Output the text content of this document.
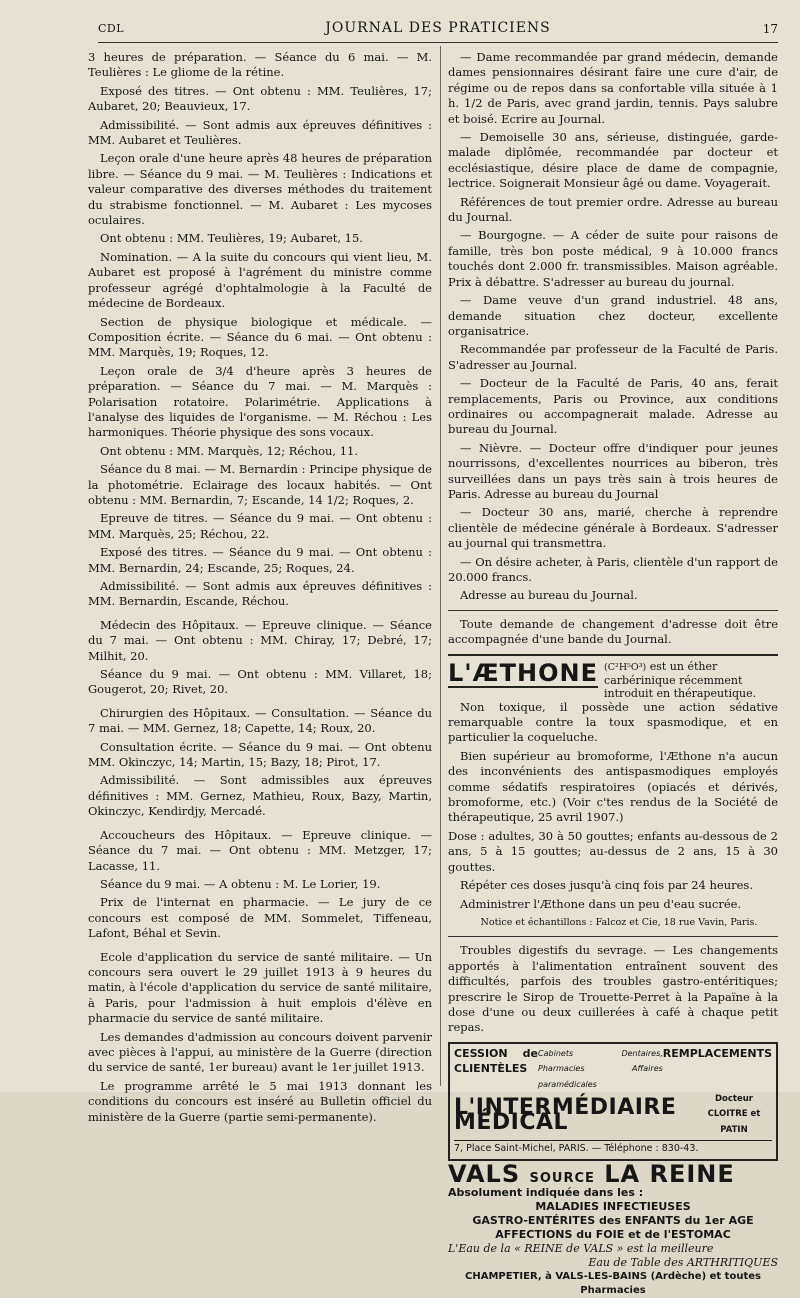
CDL	JOURNAL DES PRATICIENS	17

3 heures de préparation. — Séance du 6 mai. — M. Teulières : Le gliome de la rétine.

Exposé des titres. — Ont obtenu : MM. Teulières, 17; Aubaret, 20; Beauvieux, 17.

Admissibilité. — Sont admis aux épreuves définitives : MM. Aubaret et Teulières.

Leçon orale d'une heure après 48 heures de préparation libre. — Séance du 9 mai. — M. Teulières : Indications et valeur comparative des diverses méthodes du traitement du strabisme fonctionnel. — M. Aubaret : Les mycoses oculaires.

Ont obtenu : MM. Teulières, 19; Aubaret, 15.

Nomination. — A la suite du concours qui vient lieu, M. Aubaret est proposé à l'agrément du ministre comme professeur agrégé d'ophtalmologie à la Faculté de médecine de Bordeaux.

Section de physique biologique et médicale. — Composition écrite. — Séance du 6 mai. — Ont obtenu : MM. Marquès, 19; Roques, 12.

Leçon orale de 3/4 d'heure après 3 heures de préparation. — Séance du 7 mai. — M. Marquès : Polarisation rotatoire. Polarimétrie. Applications à l'analyse des liquides de l'organisme. — M. Réchou : Les harmoniques. Théorie physique des sons vocaux.

Ont obtenu : MM. Marquès, 12; Réchou, 11.

Séance du 8 mai. — M. Bernardin : Principe physique de la photométrie. Eclairage des locaux habités. — Ont obtenu : MM. Bernardin, 7; Escande, 14 1/2; Roques, 2.

Epreuve de titres. — Séance du 9 mai. — Ont obtenu : MM. Marquès, 25; Réchou, 22.

Exposé des titres. — Séance du 9 mai. — Ont obtenu : MM. Bernardin, 24; Escande, 25; Roques, 24.

Admissibilité. — Sont admis aux épreuves définitives : MM. Bernardin, Escande, Réchou.

Médecin des Hôpitaux. — Epreuve clinique. — Séance du 7 mai. — Ont obtenu : MM. Chiray, 17; Debré, 17; Milhit, 20.

Séance du 9 mai. — Ont obtenu : MM. Villaret, 18; Gougerot, 20; Rivet, 20.

Chirurgien des Hôpitaux. — Consultation. — Séance du 7 mai. — MM. Gernez, 18; Capette, 14; Roux, 20.

Consultation écrite. — Séance du 9 mai. — Ont obtenu MM. Okinczyc, 14; Martin, 15; Bazy, 18; Pirot, 17.

Admissibilité. — Sont admissibles aux épreuves définitives : MM. Gernez, Mathieu, Roux, Bazy, Martin, Okinczyc, Kendirdjy, Mercadé.

Accoucheurs des Hôpitaux. — Epreuve clinique. — Séance du 7 mai. — Ont obtenu : MM. Metzger, 17; Lacasse, 11.

Séance du 9 mai. — A obtenu : M. Le Lorier, 19.

Prix de l'internat en pharmacie. — Le jury de ce concours est composé de MM. Sommelet, Tiffeneau, Lafont, Béhal et Sevin.

Ecole d'application du service de santé militaire. — Un concours sera ouvert le 29 juillet 1913 à 9 heures du matin, à l'école d'application du service de santé militaire, à Paris, pour l'admission à huit emplois d'élève en pharmacie du service de santé militaire.

Les demandes d'admission au concours doivent parvenir avec pièces à l'appui, au ministère de la Guerre (direction du service de santé, 1er bureau) avant le 1er juillet 1913.

Le programme arrêté le 5 mai 1913 donnant les conditions du concours est inséré au Bulletin officiel du ministère de la Guerre (partie semi-permanente).

— Dame recommandée par grand médecin, demande dames pensionnaires désirant faire une cure d'air, de régime ou de repos dans sa confortable villa située à 1 h. 1/2 de Paris, avec grand jardin, tennis. Pays salubre et boisé. Ecrire au Journal.

— Demoiselle 30 ans, sérieuse, distinguée, garde-malade diplômée, recommandée par docteur et ecclésiastique, désire place de dame de compagnie, lectrice. Soignerait Monsieur âgé ou dame. Voyagerait.

Références de tout premier ordre. Adresse au bureau du Journal.

— Bourgogne. — A céder de suite pour raisons de famille, très bon poste médical, 9 à 10.000 francs touchés dont 2.000 fr. transmissibles. Maison agréable. Prix à débattre. S'adresser au bureau du journal.

— Dame veuve d'un grand industriel. 48 ans, demande situation chez docteur, excellente organisatrice.

Recommandée par professeur de la Faculté de Paris. S'adresser au Journal.

— Docteur de la Faculté de Paris, 40 ans, ferait remplacements, Paris ou Province, aux conditions ordinaires ou accompagnerait malade. Adresse au bureau du Journal.

— Nièvre. — Docteur offre d'indiquer pour jeunes nourrissons, d'excellentes nourrices au biberon, très surveillées dans un pays très sain à trois heures de Paris. Adresse au bureau du Journal

— Docteur 30 ans, marié, cherche à reprendre clientèle de médecine générale à Bordeaux. S'adresser au journal qui transmettra.

— On désire acheter, à Paris, clientèle d'un rapport de 20.000 francs.

Adresse au bureau du Journal.

Toute demande de changement d'adresse doit être accompagnée d'une bande du Journal.

L'ÆTHONE (C²H⁵O³) est un éther carbérinique récemment introduit en thérapeutique.

Non toxique, il possède une action sédative remarquable contre la toux spasmodique, et en particulier la coqueluche.

Bien supérieur au bromoforme, l'Æthone n'a aucun des inconvénients des antispasmodiques employés comme sédatifs respiratoires (opiacés et dérivés, bromoforme, etc.) (Voir c'tes rendus de la Société de thérapeutique, 25 avril 1907.)

Dose : adultes, 30 à 50 gouttes; enfants au-dessous de 2 ans, 5 à 15 gouttes; au-dessus de 2 ans, 15 à 30 gouttes.

Répéter ces doses jusqu'à cinq fois par 24 heures.

Administrer l'Æthone dans un peu d'eau sucrée.

Notice et échantillons : Falcoz et Cie, 18 rue Vavin, Paris.

Troubles digestifs du sevrage. — Les changements apportés à l'alimentation entraînent souvent des difficultés, parfois des troubles gastro-entéritiques; prescrire le Sirop de Trouette-Perret à la Papaïne à la dose d'une ou deux cuillerées à café à chaque petit repas.

CESSION de CLIENTÈLES
Cabinets Dentaires, Pharmacies Affaires paramédicales
REMPLACEMENTS
L'INTERMÉDIAIRE MÉDICAL
Docteur CLOITRE et PATIN
7, Place Saint-Michel, PARIS. — Téléphone : 830-43.
VALS SOURCE LA REINE
Absolument indiquée dans les :
MALADIES INFECTIEUSES
GASTRO-ENTÉRITES des ENFANTS du 1er AGE
AFFECTIONS du FOIE et de l'ESTOMAC
L'Eau de la « REINE de VALS » est la meilleure
Eau de Table des ARTHRITIQUES
CHAMPETIER, à VALS-LES-BAINS (Ardèche) et toutes Pharmacies
